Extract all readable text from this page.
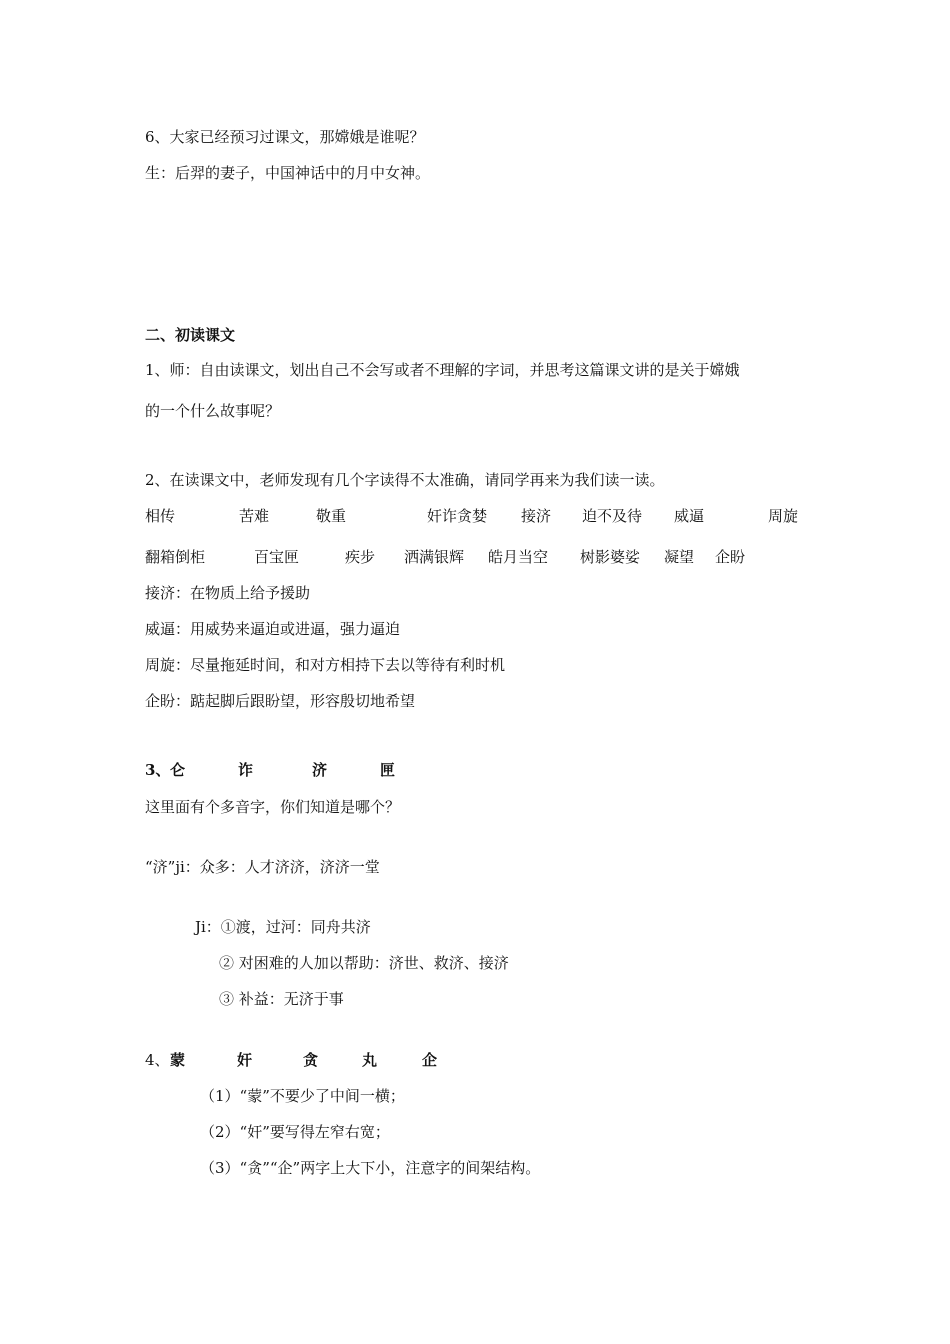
6、大家已经预习过课文，那嫦娥是谁呢？
生：后羿的妻子，中国神话中的月中女神。
二、初读课文
1、师：自由读课文，划出自己不会写或者不理解的字词，并思考这篇课文讲的是关于嫦娥
的一个什么故事呢？
2、在读课文中，老师发现有几个字读得不太准确，请同学再来为我们读一读。
相传	苦难	敬重	奸诈贪婪 接济 迫不及待 威逼	周旋
翻箱倒柜	百宝匣	疾步 洒满银辉 皓月当空 树影婆娑 凝望 企盼
接济：在物质上给予援助
威逼：用威势来逼迫或进逼，强力逼迫
周旋：尽量拖延时间，和对方相持下去以等待有利时机
企盼：踮起脚后跟盼望，形容殷切地希望
3、 仑	诈	济	匣
这里面有个多音字，你们知道是哪个？
“济”ji：众多：人才济济，济济一堂
Ji：①渡，过河：同舟共济
② 对困难的人加以帮助：济世、救济、接济
③ 补益：无济于事
4、 蒙	奸	贪	丸	企
（1）“蒙”不要少了中间一横；
（2）“奸”要写得左窄右宽；
（3）“贪”“企”两字上大下小，注意字的间架结构。
